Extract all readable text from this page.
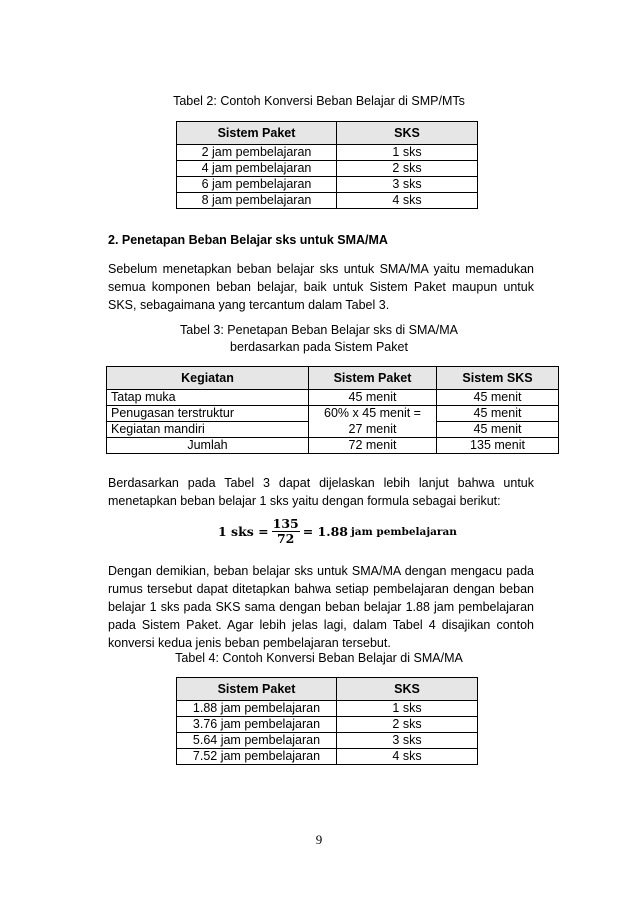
Tabel 2: Contoh Konversi Beban Belajar di SMP/MTs
Sistem Paket	SKS
2 jam pembelajaran	1 sks
4 jam pembelajaran	2 sks
6 jam pembelajaran	3 sks
8 jam pembelajaran	4 sks
2. Penetapan Beban Belajar sks untuk SMA/MA
Sebelum menetapkan beban belajar sks untuk SMA/MA yaitu memadukan semua komponen beban belajar, baik untuk Sistem Paket maupun untuk SKS, sebagaimana yang tercantum dalam Tabel 3.
Tabel 3: Penetapan Beban Belajar sks di SMA/MA
berdasarkan pada Sistem Paket
Kegiatan	Sistem Paket	Sistem SKS
Tatap muka	45 menit	45 menit
Penugasan terstruktur	60% x 45 menit =	45 menit
Kegiatan mandiri	27 menit	45 menit
Jumlah	72 menit	135 menit
Berdasarkan pada Tabel 3 dapat dijelaskan lebih lanjut bahwa untuk menetapkan beban belajar 1 sks yaitu dengan formula sebagai berikut:
1 sks = $\frac{135}{72} = 1.88$ jam pembelajaran
Dengan demikian, beban belajar sks untuk SMA/MA dengan mengacu pada rumus tersebut dapat ditetapkan bahwa setiap pembelajaran dengan beban belajar 1 sks pada SKS sama dengan beban belajar 1.88 jam pembelajaran pada Sistem Paket. Agar lebih jelas lagi, dalam Tabel 4 disajikan contoh konversi kedua jenis beban pembelajaran tersebut.
Tabel 4: Contoh Konversi Beban Belajar di SMA/MA
Sistem Paket	SKS
1.88 jam pembelajaran	1 sks
3.76 jam pembelajaran	2 sks
5.64 jam pembelajaran	3 sks
7.52 jam pembelajaran	4 sks
9
